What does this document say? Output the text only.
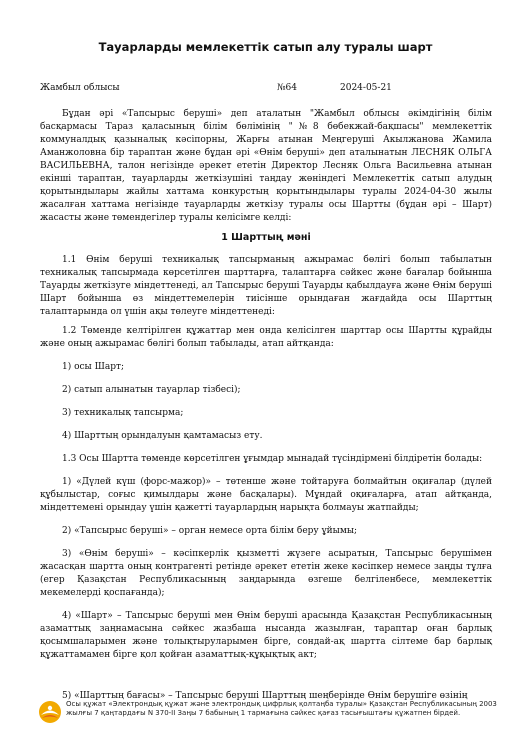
Тауарларды мемлекеттік сатып алу туралы шарт
Жамбыл облысы	№64	2024-05-21

Бұдан әрі «Тапсырыс беруші» деп аталатын "Жамбыл облысы әкімдігінің білім басқармасы Тараз қаласының білім бөлімінің "№8 бөбекжай-бақшасы" мемлекеттік коммуналдық қазыналық кәсіпорны, Жарғы атынан Меңгеруші Акылжанова Жамила Аманжоловна бір тараптан және бұдан әрі «Өнім беруші» деп аталынатын ЛЕСНЯК ОЛЬГА ВАСИЛЬЕВНА, талон негізінде әрекет ететін Директор Лесняк Ольга Васильевна атынан екінші тараптан, тауарларды жеткізушіні таңдау жөніндегі Мемлекеттік сатып алудың қорытындылары жайлы хаттама конкурстың қорытындылары туралы 2024-04-30 жылы жасалған хаттама негізінде тауарларды жеткізу туралы осы Шартты (бұдан әрі – Шарт) жасасты және төмендегілер туралы келісімге келді:

1 Шарттың мәні

1.1 Өнім беруші техникалық тапсырманың ажырамас бөлігі болып табылатын техникалық тапсырмада көрсетілген шарттарға, талаптарға сәйкес және бағалар бойынша Тауарды жеткізуге міндеттенеді, ал Тапсырыс беруші Тауарды қабылдауға және Өнім беруші Шарт бойынша өз міндеттемелерін тиісінше орындаған жағдайда осы Шарттың талаптарында ол үшін ақы төлеуге міндеттенеді:

1.2 Төменде келтірілген құжаттар мен онда келісілген шарттар осы Шартты құрайды және оның ажырамас бөлігі болып табылады, атап айтқанда:

1) осы Шарт;

2) сатып алынатын тауарлар тізбесі);

3) техникалық тапсырма;

4) Шарттың орындалуын қамтамасыз ету.

1.3 Осы Шартта төменде көрсетілген ұғымдар мынадай түсіндірмені білдіретін болады:

1) «Дүлей күш (форс-мажор)» – төтенше және тойтаруға болмайтын оқиғалар (дүлей құбылыстар, соғыс қимылдары және басқалары). Мұндай оқиғаларға, атап айтқанда, міндеттемені орындау үшін қажетті тауарлардың нарықта болмауы жатпайды;

2) «Тапсырыс беруші» – орган немесе орта білім беру ұйымы;

3) «Өнім беруші» – кәсіпкерлік қызметті жүзеге асыратын, Тапсырыс берушімен жасасқан шартта оның контрагенті ретінде әрекет ететін жеке кәсіпкер немесе заңды тұлға (егер Қазақстан Республикасының заңдарында өзгеше белгіленбесе, мемлекеттік мекемелерді қоспағанда);

4) «Шарт» – Тапсырыс беруші мен Өнім беруші арасында Қазақстан Республикасының азаматтық заңнамасына сәйкес жазбаша нысанда жазылған, тараптар оған барлық қосымшаларымен және толықтыруларымен бірге, сондай-ақ шартта сілтеме бар барлық құжаттамамен бірге қол қойған азаматтық-құқықтық акт;

5) «Шарттың бағасы» – Тапсырыс беруші Шарттың шеңберінде Өнім берушіге өзінің
Осы құжат «Электрондық құжат және электрондық цифрлық қолтаңба туралы» Қазақстан Республикасының 2003 жылғы 7 қаңтардағы N 370-II Заңы 7 бабының 1 тармағына сәйкес қағаз тасығыштағы құжатпен бірдей.
